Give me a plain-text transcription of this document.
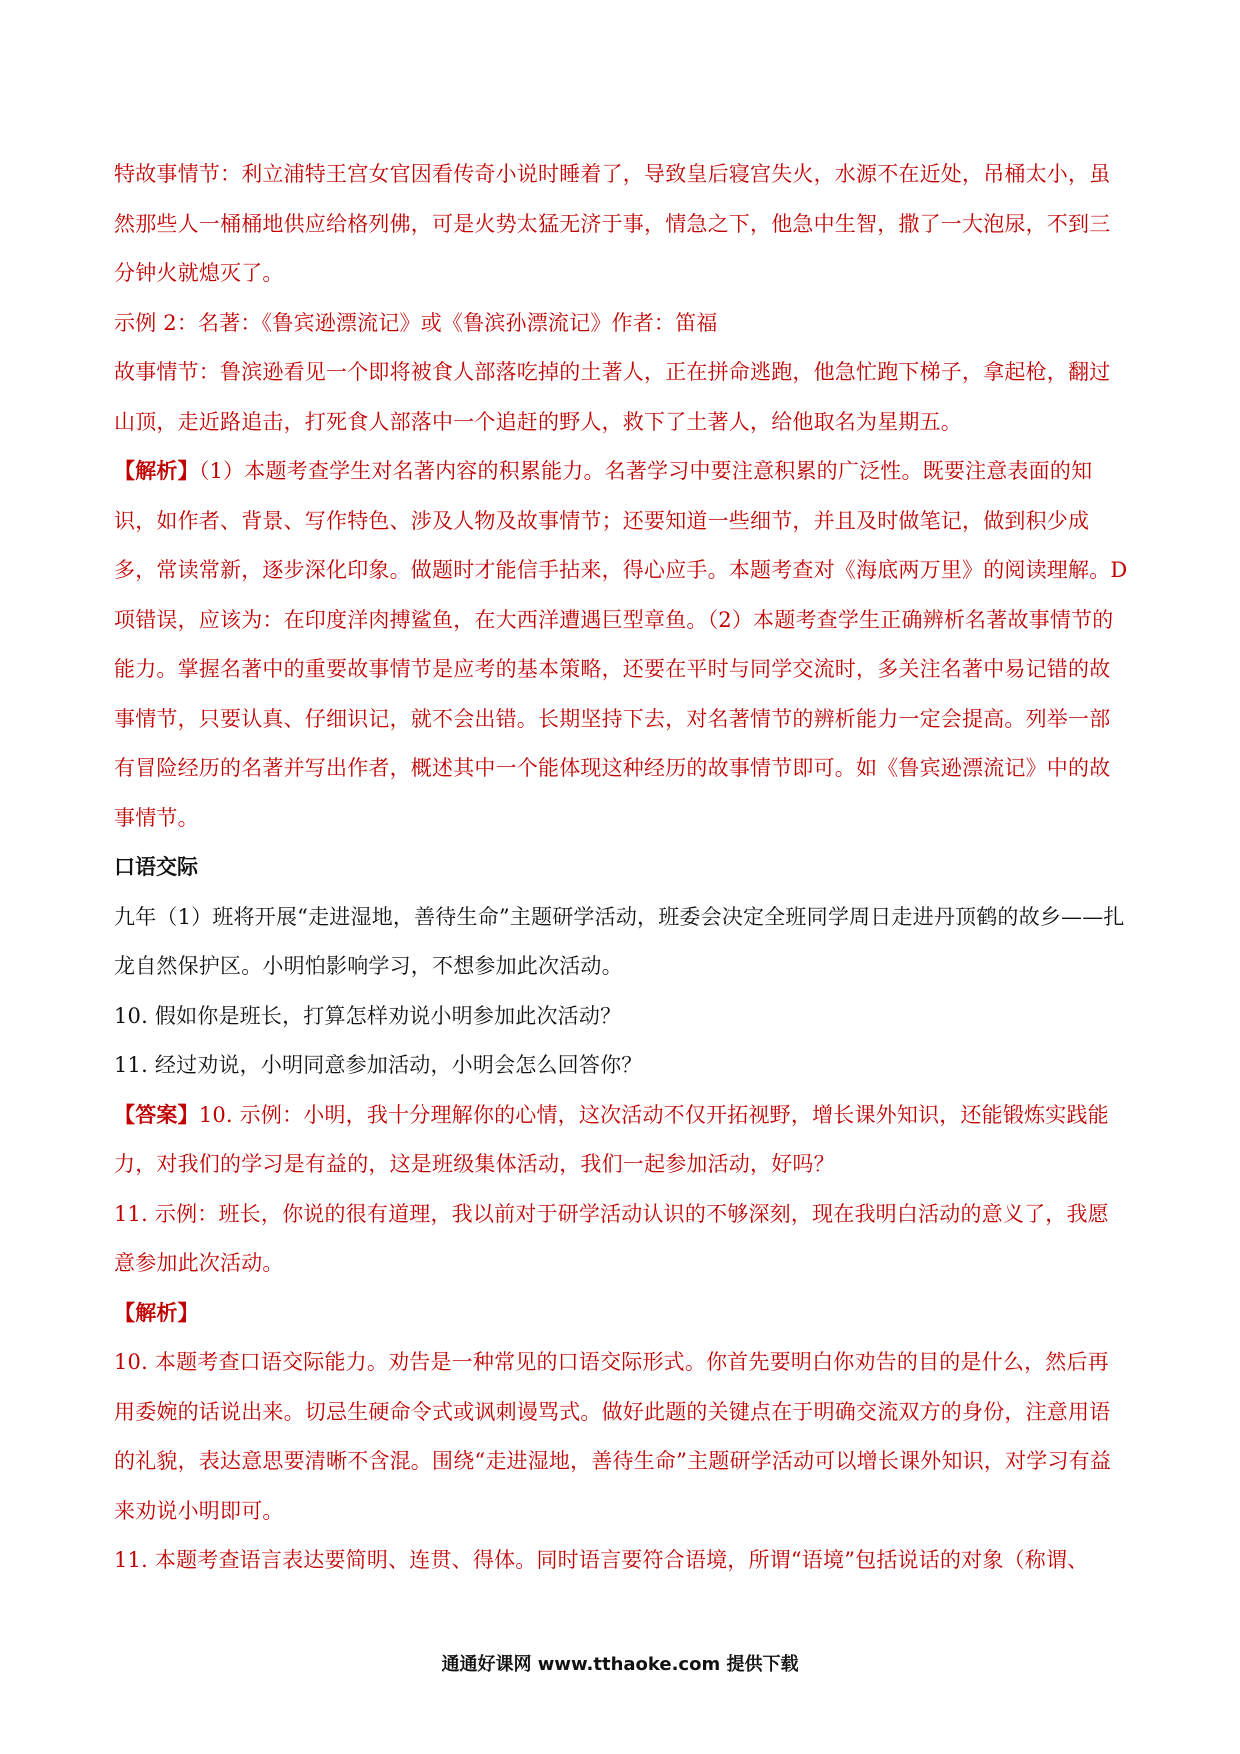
特故事情节：利立浦特王宫女官因看传奇小说时睡着了，导致皇后寝宫失火，水源不在近处，吊桶太小，虽然那些人一桶桶地供应给格列佛，可是火势太猛无济于事，情急之下，他急中生智，撒了一大泡尿，不到三分钟火就熄灭了。

示例 2：名著：《鲁宾逊漂流记》或《鲁滨孙漂流记》作者：笛福

故事情节：鲁滨逊看见一个即将被食人部落吃掉的土著人，正在拼命逃跑，他急忙跑下梯子，拿起枪，翻过山顶，走近路追击，打死食人部落中一个追赶的野人，救下了土著人，给他取名为星期五。

【解析】（1）本题考查学生对名著内容的积累能力。名著学习中要注意积累的广泛性。既要注意表面的知识，如作者、背景、写作特色、涉及人物及故事情节；还要知道一些细节，并且及时做笔记，做到积少成多，常读常新，逐步深化印象。做题时才能信手拈来，得心应手。本题考查对《海底两万里》的阅读理解。D 项错误，应该为：在印度洋肉搏鲨鱼，在大西洋遭遇巨型章鱼。（2）本题考查学生正确辨析名著故事情节的能力。掌握名著中的重要故事情节是应考的基本策略，还要在平时与同学交流时，多关注名著中易记错的故事情节，只要认真、仔细识记，就不会出错。长期坚持下去，对名著情节的辨析能力一定会提高。列举一部有冒险经历的名著并写出作者，概述其中一个能体现这种经历的故事情节即可。如《鲁宾逊漂流记》中的故事情节。

口语交际

九年（1）班将开展“走进湿地，善待生命”主题研学活动，班委会决定全班同学周日走进丹顶鹤的故乡——扎龙自然保护区。小明怕影响学习，不想参加此次活动。

10. 假如你是班长，打算怎样劝说小明参加此次活动？

11. 经过劝说，小明同意参加活动，小明会怎么回答你？

【答案】10. 示例：小明，我十分理解你的心情，这次活动不仅开拓视野，增长课外知识，还能锻炼实践能力，对我们的学习是有益的，这是班级集体活动，我们一起参加活动，好吗？

11. 示例：班长，你说的很有道理，我以前对于研学活动认识的不够深刻，现在我明白活动的意义了，我愿意参加此次活动。

【解析】

10. 本题考查口语交际能力。劝告是一种常见的口语交际形式。你首先要明白你劝告的目的是什么，然后再用委婉的话说出来。切忌生硬命令式或讽刺谩骂式。做好此题的关键点在于明确交流双方的身份，注意用语的礼貌，表达意思要清晰不含混。围绕“走进湿地，善待生命”主题研学活动可以增长课外知识，对学习有益来劝说小明即可。

11. 本题考查语言表达要简明、连贯、得体。同时语言要符合语境，所谓“语境”包括说话的对象（称谓、

通通好课网 www.tthaoke.com 提供下载
